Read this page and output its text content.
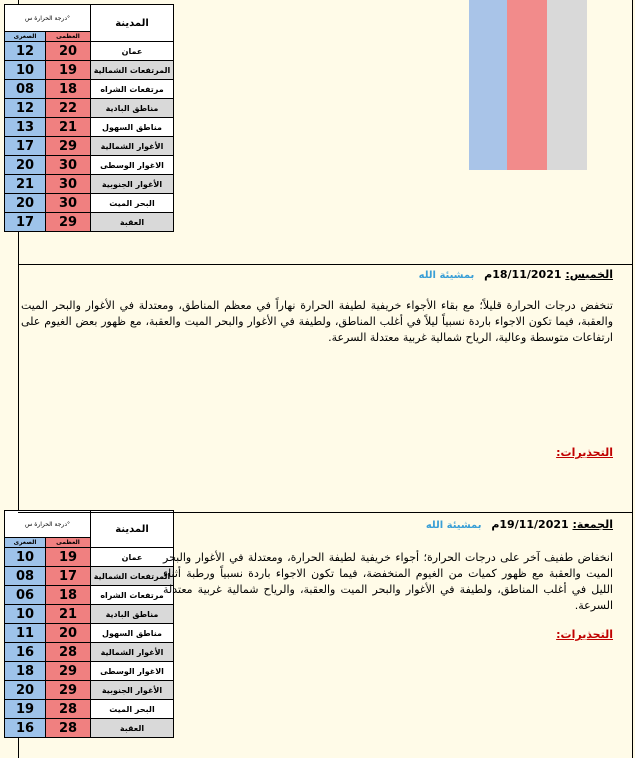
درجة الحرارة س°		المدينة
الصغرى	العظمى	
12	20	عمان
10	19	المرتفعات الشمالية
08	18	مرتفعات الشراه
12	22	مناطق البادية
13	21	مناطق السهول
17	29	الأغوار الشمالية
20	30	الاغوار الوسطى
21	30	الأغوار الجنوبية
20	30	البحر الميت
17	29	العقبة
الخميس: 18/11/2021م بمشيئة الله
تنخفض درجات الحرارة قليلاً؛ مع بقاء الأجواء خريفية لطيفة الحرارة نهاراً في معظم المناطق، ومعتدلة في الأغوار والبحر الميت والعقبة، فيما تكون الاجواء باردة نسبياً ليلاً في أغلب المناطق، ولطيفة في الأغوار والبحر الميت والعقبة، مع ظهور بعض الغيوم على ارتفاعات متوسطة وعالية، الرياح شمالية غربية معتدلة السرعة.
التحذيرات:
درجة الحرارة س°		المدينة
الصغرى	العظمى	
10	19	عمان
08	17	المرتفعات الشمالية
06	18	مرتفعات الشراه
10	21	مناطق البادية
11	20	مناطق السهول
16	28	الأغوار الشمالية
18	29	الاغوار الوسطى
20	29	الأغوار الجنوبية
19	28	البحر الميت
16	28	العقبة
الجمعة: 19/11/2021م بمشيئة الله
انخفاض طفيف آخر على درجات الحرارة؛ أجواء خريفية لطيفة الحرارة، ومعتدلة في الأغوار والبحر الميت والعقبة مع ظهور كميات من الغيوم المنخفضة، فيما تكون الاجواء باردة نسبياً ورطبة أثناء الليل في أغلب المناطق، ولطيفة في الأغوار والبحر الميت والعقبة، والرياح شمالية غربية معتدلة السرعة.
التحذيرات:
